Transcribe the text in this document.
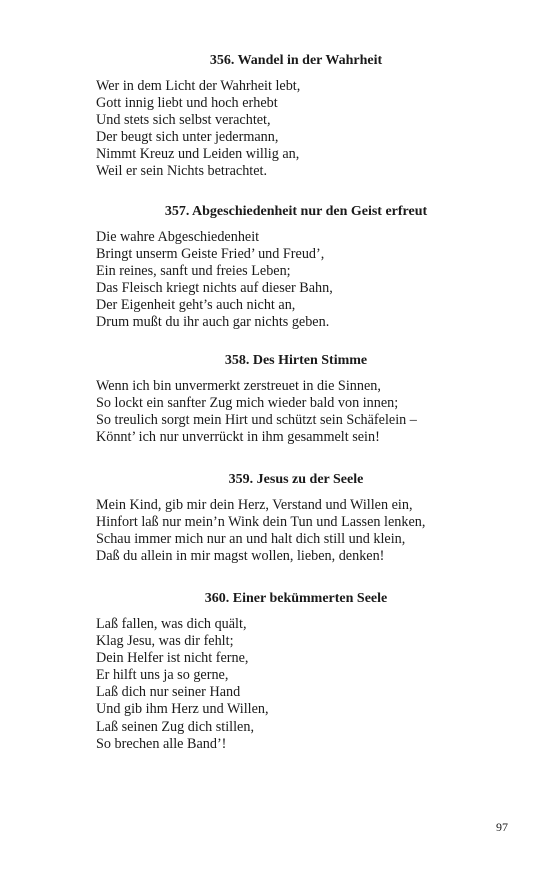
356. Wandel in der Wahrheit
Wer in dem Licht der Wahrheit lebt,
Gott innig liebt und hoch erhebt
Und stets sich selbst verachtet,
Der beugt sich unter jedermann,
Nimmt Kreuz und Leiden willig an,
Weil er sein Nichts betrachtet.
357. Abgeschiedenheit nur den Geist erfreut
Die wahre Abgeschiedenheit
Bringt unserm Geiste Fried’ und Freud’,
Ein reines, sanft und freies Leben;
Das Fleisch kriegt nichts auf dieser Bahn,
Der Eigenheit geht’s auch nicht an,
Drum mußt du ihr auch gar nichts geben.
358. Des Hirten Stimme
Wenn ich bin unvermerkt zerstreuet in die Sinnen,
So lockt ein sanfter Zug mich wieder bald von innen;
So treulich sorgt mein Hirt und schützt sein Schäfelein –
Könnt’ ich nur unverrückt in ihm gesammelt sein!
359. Jesus zu der Seele
Mein Kind, gib mir dein Herz, Verstand und Willen ein,
Hinfort laß nur mein’n Wink dein Tun und Lassen lenken,
Schau immer mich nur an und halt dich still und klein,
Daß du allein in mir magst wollen, lieben, denken!
360. Einer bekümmerten Seele
Laß fallen, was dich quält,
Klag Jesu, was dir fehlt;
Dein Helfer ist nicht ferne,
Er hilft uns ja so gerne,
Laß dich nur seiner Hand
Und gib ihm Herz und Willen,
Laß seinen Zug dich stillen,
So brechen alle Band’!
97
